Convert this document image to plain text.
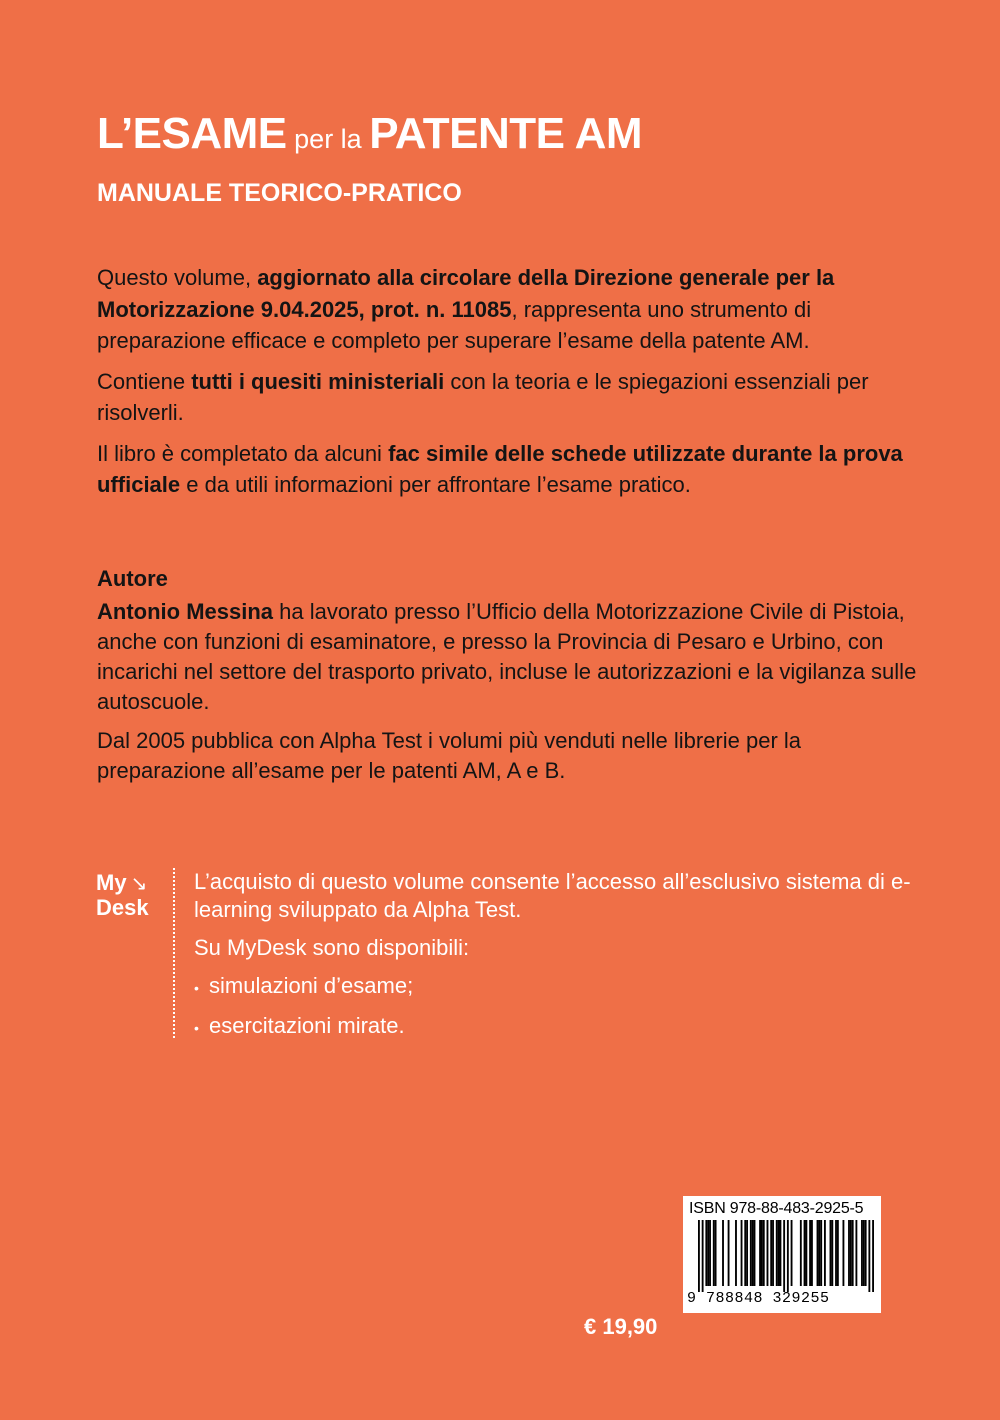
L’ESAME per la PATENTE AM
MANUALE TEORICO-PRATICO

Questo volume, aggiornato alla circolare della Direzione generale per la Motorizzazione 9.04.2025, prot. n. 11085, rappresenta uno strumento di preparazione efficace e completo per superare l’esame della patente AM.

Contiene tutti i quesiti ministeriali con la teoria e le spiegazioni essenziali per risolverli.

Il libro è completato da alcuni fac simile delle schede utilizzate durante la prova ufficiale e da utili informazioni per affrontare l’esame pratico.

Autore

Antonio Messina ha lavorato presso l’Ufficio della Motorizzazione Civile di Pistoia, anche con funzioni di esaminatore, e presso la Provincia di Pesaro e Urbino, con incarichi nel settore del trasporto privato, incluse le autorizzazioni e la vigilanza sulle autoscuole.

Dal 2005 pubblica con Alpha Test i volumi più venduti nelle librerie per la preparazione all’esame per le patenti AM, A e B.

My ↘
Desk

L’acquisto di questo volume consente l’accesso all’esclusivo sistema di e-learning sviluppato da Alpha Test.

Su MyDesk sono disponibili:

• simulazioni d’esame;
• esercitazioni mirate.
€ 19,90
ISBN 978-88-483-2925-5
9 788848 329255
